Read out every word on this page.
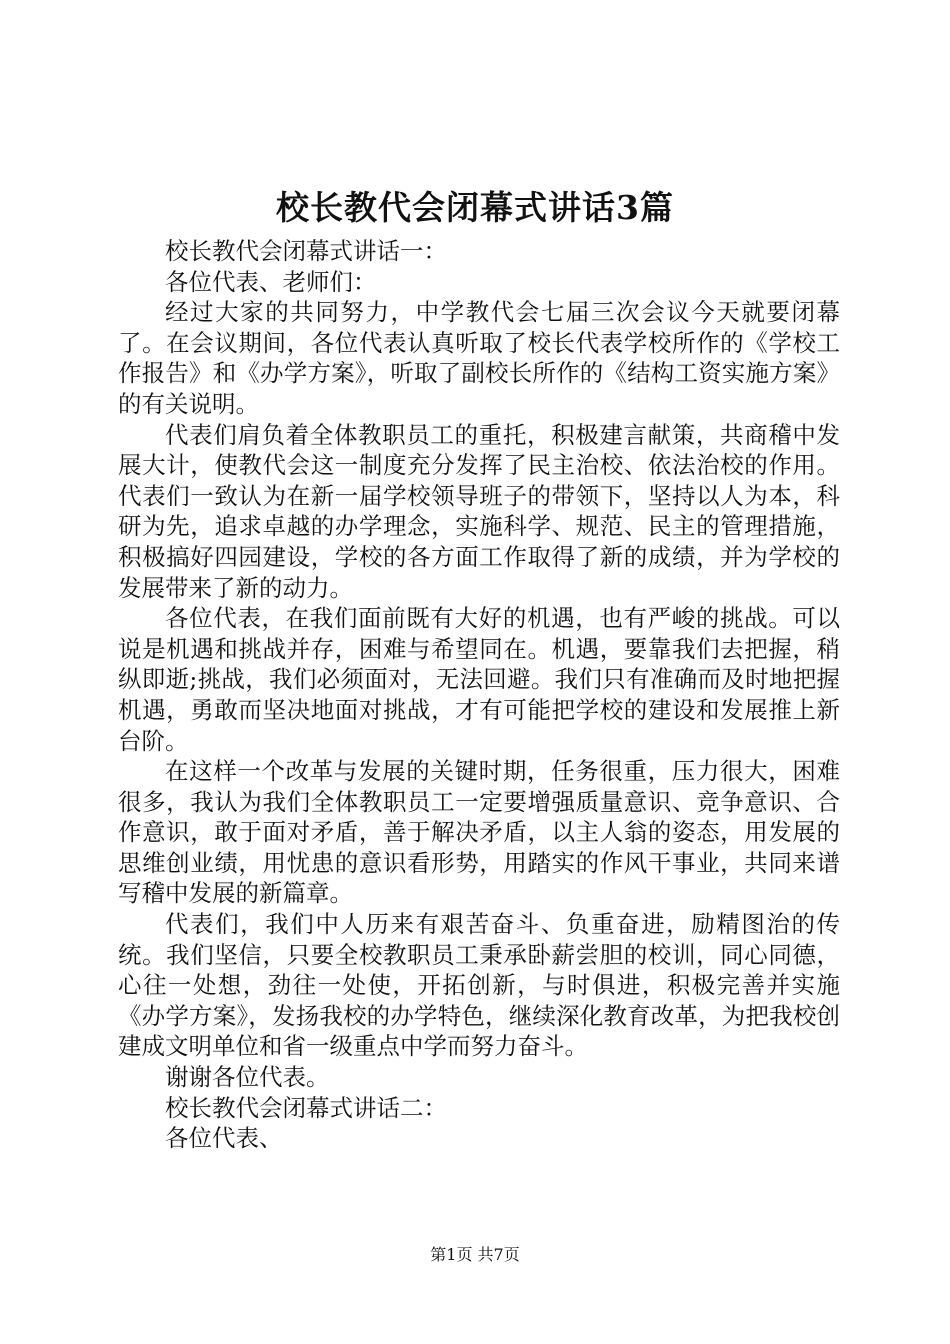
校长教代会闭幕式讲话3篇

校长教代会闭幕式讲话一：

各位代表、老师们：

经过大家的共同努力，中学教代会七届三次会议今天就要闭幕了。在会议期间，各位代表认真听取了校长代表学校所作的《学校工作报告》和《办学方案》，听取了副校长所作的《结构工资实施方案》的有关说明。

代表们肩负着全体教职员工的重托，积极建言献策，共商稽中发展大计，使教代会这一制度充分发挥了民主治校、依法治校的作用。代表们一致认为在新一届学校领导班子的带领下，坚持以人为本，科研为先，追求卓越的办学理念，实施科学、规范、民主的管理措施，积极搞好四园建设，学校的各方面工作取得了新的成绩，并为学校的发展带来了新的动力。

各位代表，在我们面前既有大好的机遇，也有严峻的挑战。可以说是机遇和挑战并存，困难与希望同在。机遇，要靠我们去把握，稍纵即逝;挑战，我们必须面对，无法回避。我们只有准确而及时地把握机遇，勇敢而坚决地面对挑战，才有可能把学校的建设和发展推上新台阶。

在这样一个改革与发展的关键时期，任务很重，压力很大，困难很多，我认为我们全体教职员工一定要增强质量意识、竞争意识、合作意识，敢于面对矛盾，善于解决矛盾，以主人翁的姿态，用发展的思维创业绩，用忧患的意识看形势，用踏实的作风干事业，共同来谱写稽中发展的新篇章。

代表们，我们中人历来有艰苦奋斗、负重奋进，励精图治的传统。我们坚信，只要全校教职员工秉承卧薪尝胆的校训，同心同德，心往一处想，劲往一处使，开拓创新，与时俱进，积极完善并实施《办学方案》，发扬我校的办学特色，继续深化教育改革，为把我校创建成文明单位和省一级重点中学而努力奋斗。

谢谢各位代表。

校长教代会闭幕式讲话二：

各位代表、

第1页 共7页
